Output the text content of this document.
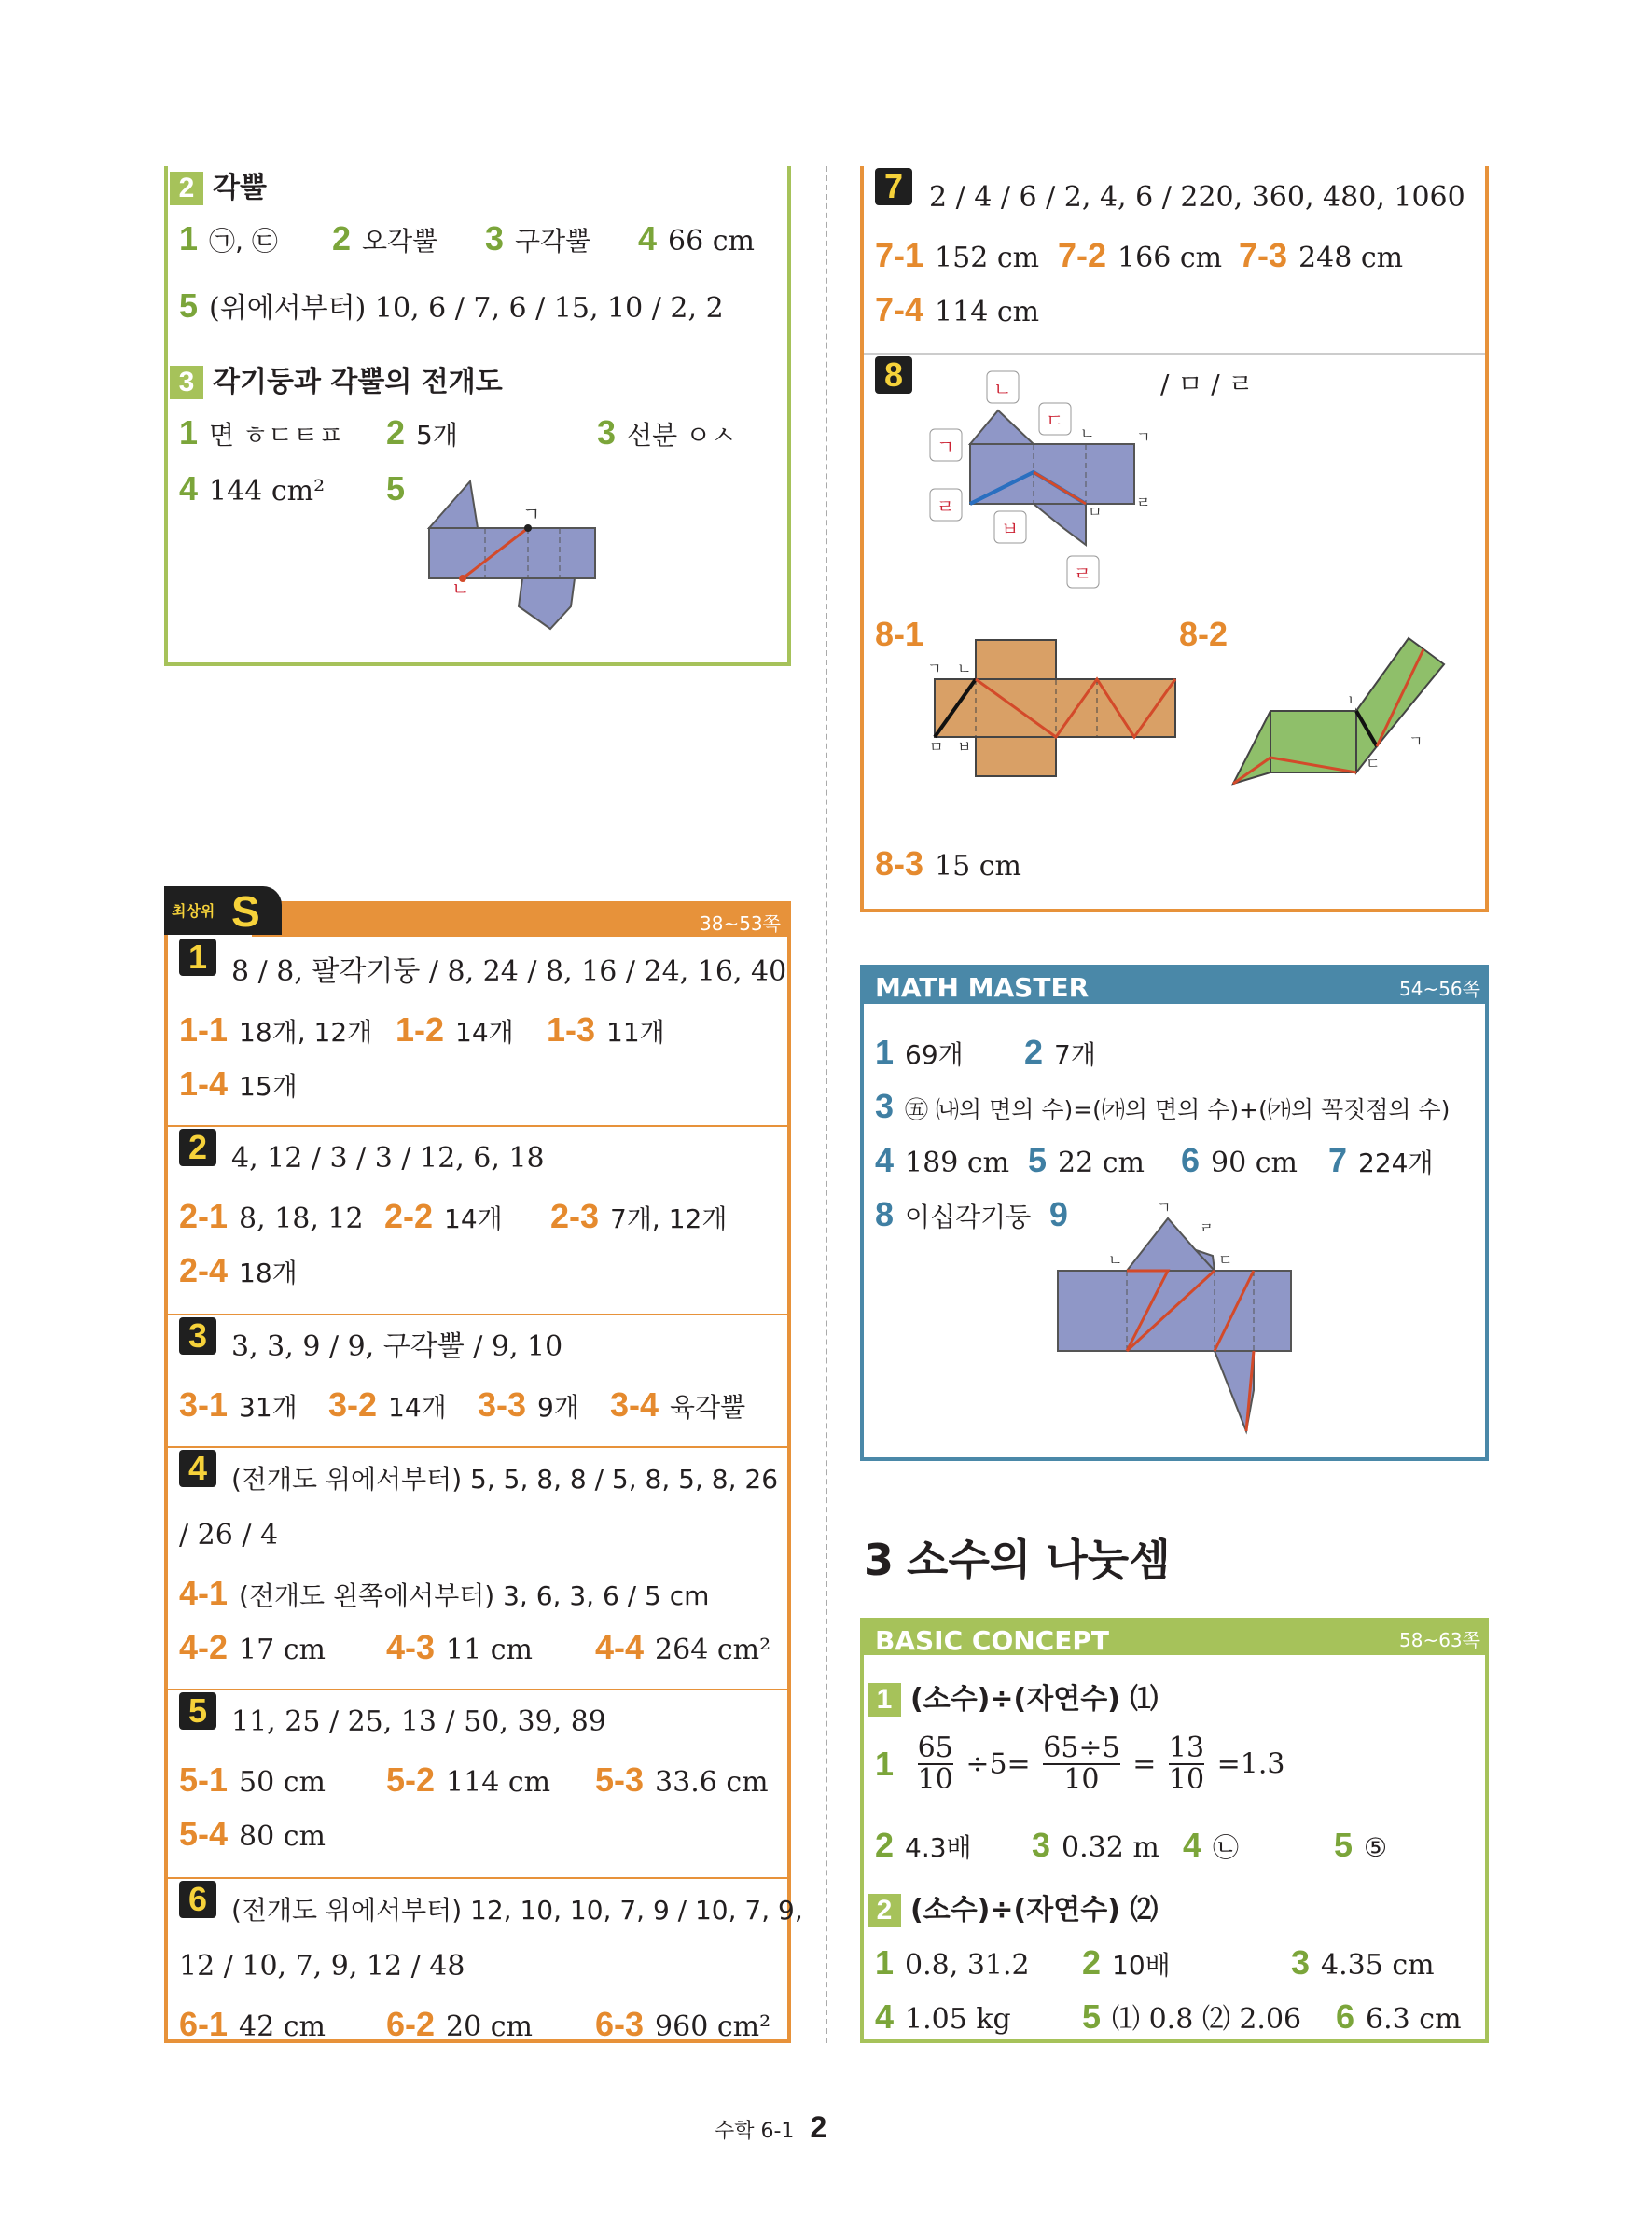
2 각뿔
1 ㉠, ㉢ 2 오각뿔 3 구각뿔 4 66 cm
5 (위에서부터) 10, 6 / 7, 6 / 15, 10 / 2, 2
3 각기둥과 각뿔의 전개도
1 면 ㅎㄷㅌㅍ 2 5개	3 선분 ㅇㅅ
4 144 cm² 5
ㄱ
ㄴ
최상위 S	38~53쪽
1 8 / 8, 팔각기둥 / 8, 24 / 8, 16 / 24, 16, 40
1-1 18개, 12개 1-2 14개 1-3 11개
1-4 15개
2 4, 12 / 3 / 3 / 12, 6, 18
2-1 8, 18, 12 2-2 14개 2-3 7개, 12개
2-4 18개
3 3, 3, 9 / 9, 구각뿔 / 9, 10
3-1 31개 3-2 14개 3-3 9개 3-4 육각뿔
4 (전개도 위에서부터) 5, 5, 8, 8 / 5, 8, 5, 8, 26
/ 26 / 4
4-1 (전개도 왼쪽에서부터) 3, 6, 3, 6 / 5 cm
4-2 17 cm 4-3 11 cm 4-4 264 cm²
5 11, 25 / 25, 13 / 50, 39, 89
5-1 50 cm 5-2 114 cm 5-3 33.6 cm
5-4 80 cm
6 (전개도 위에서부터) 12, 10, 10, 7, 9 / 10, 7, 9,
12 / 10, 7, 9, 12 / 48
6-1 42 cm 6-2 20 cm 6-3 960 cm²
7 2 / 4 / 6 / 2, 4, 6 / 220, 360, 480, 1060
7-1 152 cm 7-2 166 cm 7-3 248 cm
7-4 114 cm
8	/ ㅁ / ㄹ
ㄴ
ㄷ
ㄱ
ㄹ
ㅂ
ㄹ
ㄴ	ㄱ
ㅁ
ㄹ
8-1	8-2
ㄱ ㄴ
ㅁ ㅂ
ㄴ
ㄱ
ㄷ
8-3 15 cm
MATH MASTER	54~56쪽
1 69개 2 7개
3 ㊄ ㈏의 면의 수)=(㈎의 면의 수)+(㈎의 꼭짓점의 수)
4 189 cm 5 22 cm 6 90 cm 7 224개
8 이십각기둥 9	ㄱ
ㄹ
ㄴ	ㄷ
3 소수의 나눗셈
BASIC CONCEPT	58~63쪽
1 (소수)÷(자연수) ⑴
$1 \frac{65}{10} \div 5= \frac{65\div 5}{10} = \frac{13}{10} =1.3$
2 4.3배 3 0.32 m 4 ㉡	5 ⑤
2 (소수)÷(자연수) ⑵
1 0.8, 31.2 2 10배	3 4.35 cm
4 1.05 kg 5 ⑴ 0.8 ⑵ 2.06 6 6.3 cm
수학 6-1 2
